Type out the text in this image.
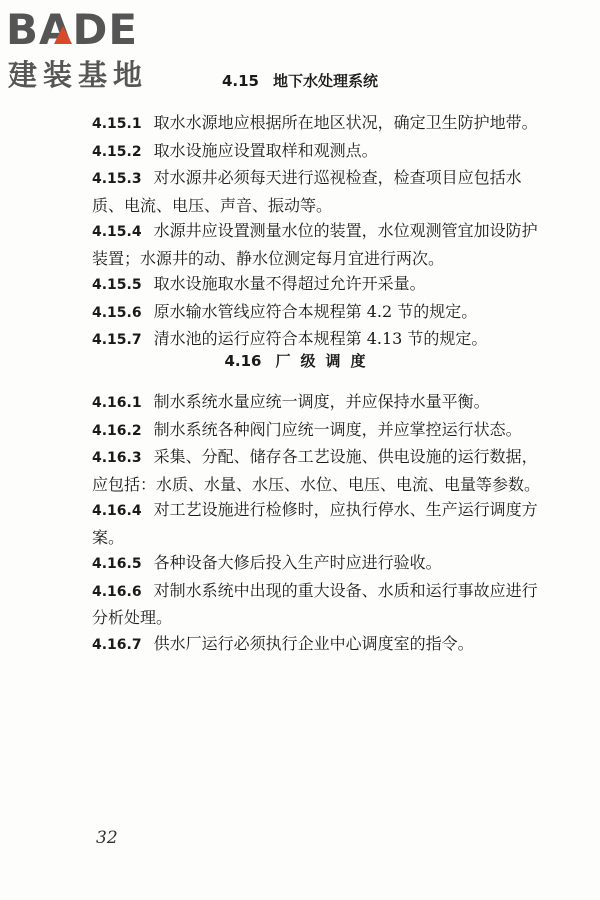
BADE
建装基地	4.15 地下水处理系统

4.15.1 取水水源地应根据所在地区状况，确定卫生防护地带。

4.15.2 取水设施应设置取样和观测点。

4.15.3 对水源井必须每天进行巡视检查，检查项目应包括水质、电流、电压、声音、振动等。

4.15.4 水源井应设置测量水位的装置，水位观测管宜加设防护装置；水源井的动、静水位测定每月宜进行两次。

4.15.5 取水设施取水量不得超过允许开采量。

4.15.6 原水输水管线应符合本规程第 4.2 节的规定。

4.15.7 清水池的运行应符合本规程第 4.13 节的规定。

4.16 厂级调度

4.16.1 制水系统水量应统一调度，并应保持水量平衡。

4.16.2 制水系统各种阀门应统一调度，并应掌控运行状态。

4.16.3 采集、分配、储存各工艺设施、供电设施的运行数据，应包括：水质、水量、水压、水位、电压、电流、电量等参数。

4.16.4 对工艺设施进行检修时，应执行停水、生产运行调度方案。

4.16.5 各种设备大修后投入生产时应进行验收。

4.16.6 对制水系统中出现的重大设备、水质和运行事故应进行分析处理。

4.16.7 供水厂运行必须执行企业中心调度室的指令。

32
